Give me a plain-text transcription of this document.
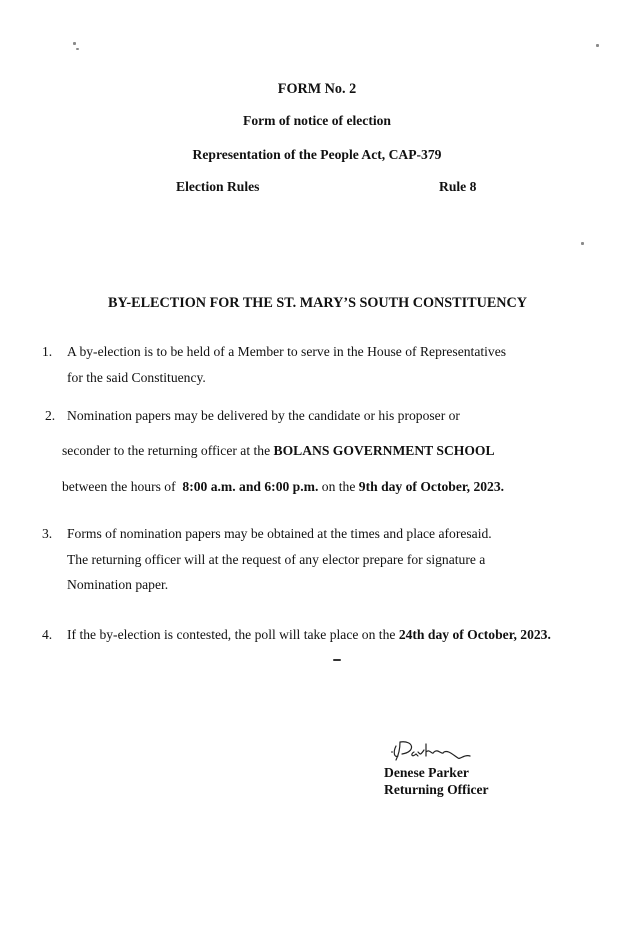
FORM No. 2
Form of notice of election
Representation of the People Act, CAP-379
Election Rules	Rule 8
BY-ELECTION FOR THE ST. MARY’S SOUTH CONSTITUENCY
1. A by-election is to be held of a Member to serve in the House of Representatives
for the said Constituency.
2. Nomination papers may be delivered by the candidate or his proposer or
seconder to the returning officer at the BOLANS GOVERNMENT SCHOOL
between the hours of  8:00 a.m. and 6:00 p.m. on the 9th day of October, 2023.
3. Forms of nomination papers may be obtained at the times and place aforesaid.
The returning officer will at the request of any elector prepare for signature a
Nomination paper.
4. If the by-election is contested, the poll will take place on the 24th day of October, 2023.
Denese Parker
Returning Officer
